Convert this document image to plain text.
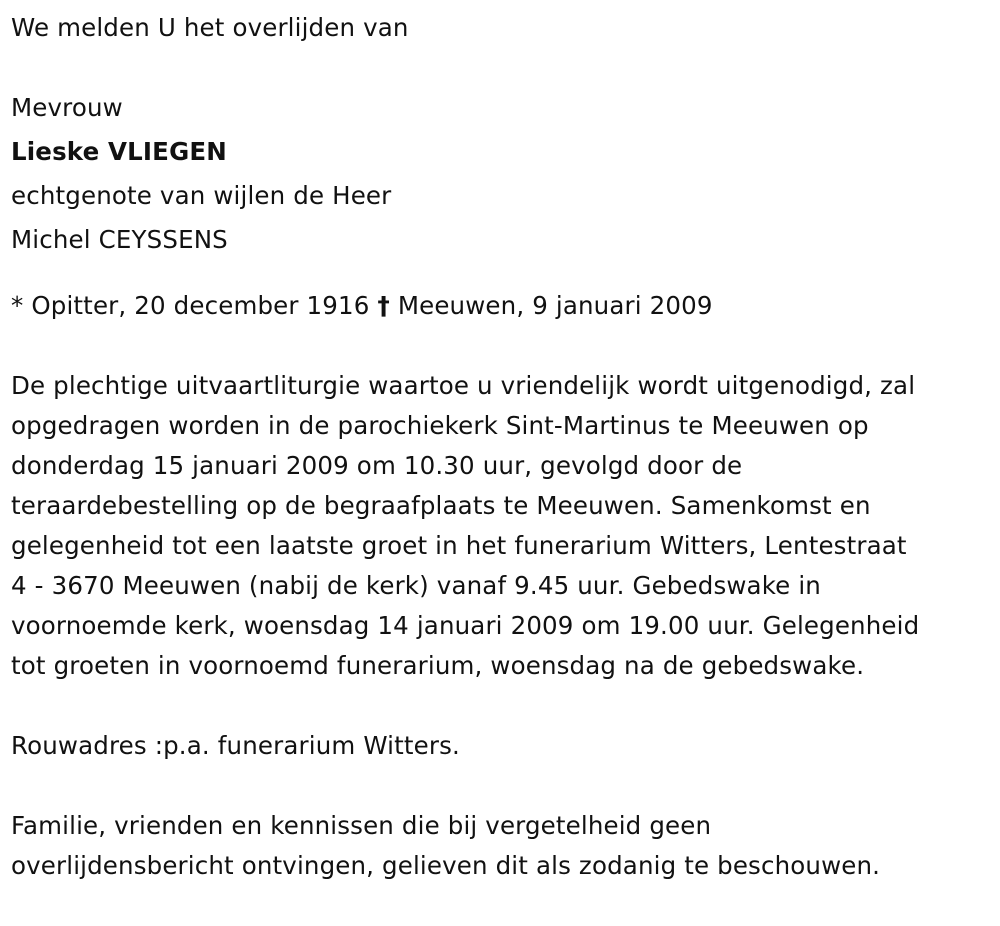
We melden U het overlijden van
Mevrouw
Lieske VLIEGEN
echtgenote van wijlen de Heer
Michel CEYSSENS
* Opitter, 20 december 1916 † Meeuwen, 9 januari 2009
De plechtige uitvaartliturgie waartoe u vriendelijk wordt uitgenodigd, zal
opgedragen worden in de parochiekerk Sint-Martinus te Meeuwen op
donderdag 15 januari 2009 om 10.30 uur, gevolgd door de
teraardebestelling op de begraafplaats te Meeuwen. Samenkomst en
gelegenheid tot een laatste groet in het funerarium Witters, Lentestraat
4 - 3670 Meeuwen (nabij de kerk) vanaf 9.45 uur. Gebedswake in
voornoemde kerk, woensdag 14 januari 2009 om 19.00 uur. Gelegenheid
tot groeten in voornoemd funerarium, woensdag na de gebedswake.
Rouwadres :p.a. funerarium Witters.
Familie, vrienden en kennissen die bij vergetelheid geen
overlijdensbericht ontvingen, gelieven dit als zodanig te beschouwen.
